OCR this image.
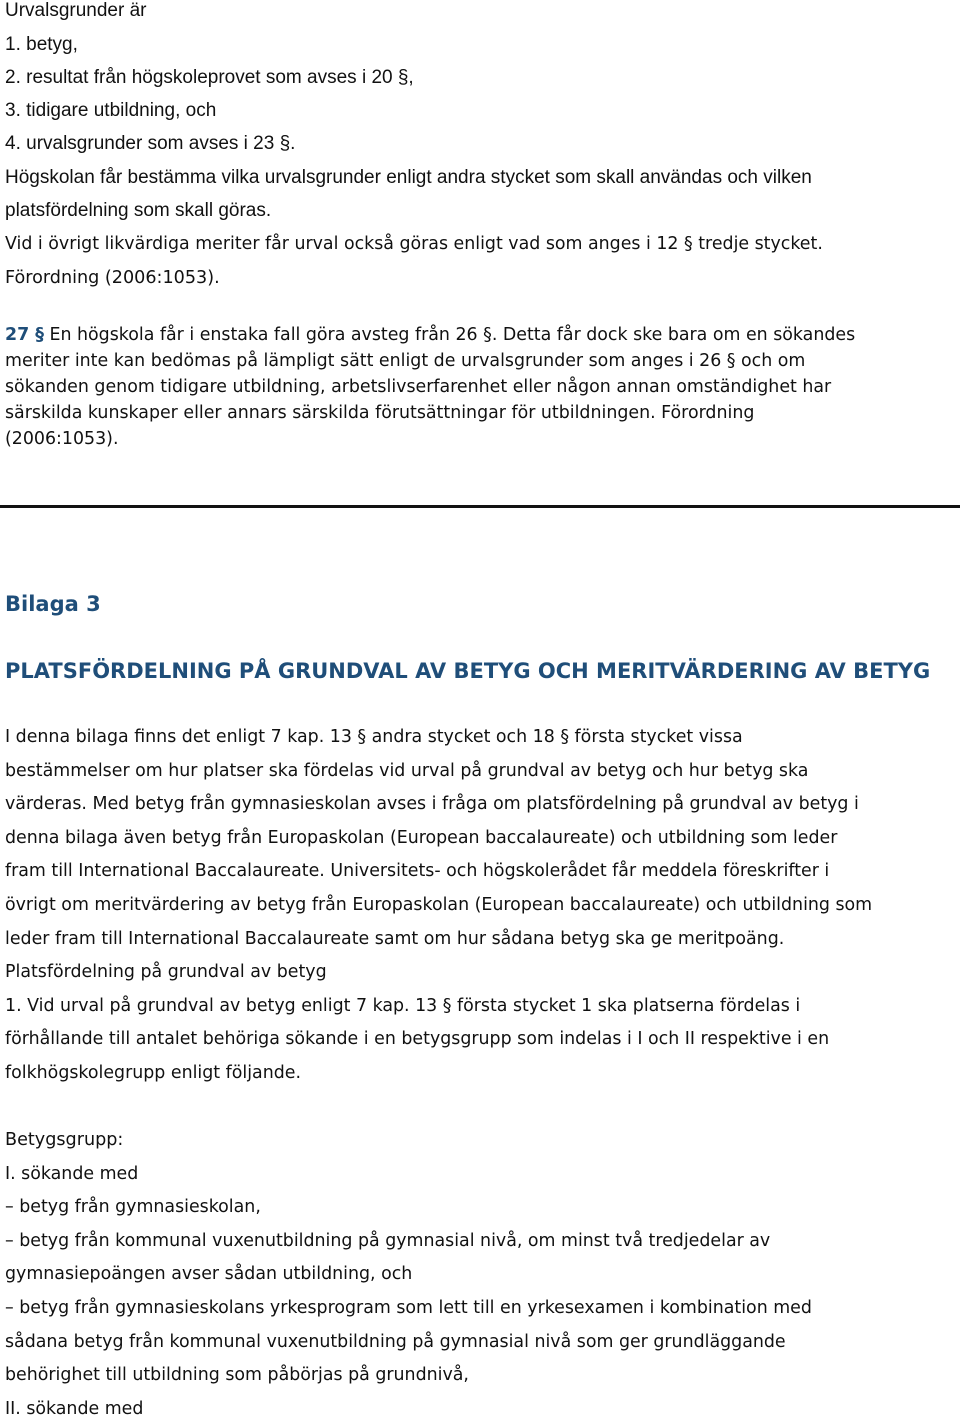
Urvalsgrunder är

1. betyg,

2. resultat från högskoleprovet som avses i 20 §,

3. tidigare utbildning, och

4. urvalsgrunder som avses i 23 §.

Högskolan får bestämma vilka urvalsgrunder enligt andra stycket som skall användas och vilken

platsfördelning som skall göras.

Vid i övrigt likvärdiga meriter får urval också göras enligt vad som anges i 12 § tredje stycket.

Förordning (2006:1053).

27 § En högskola får i enstaka fall göra avsteg från 26 §. Detta får dock ske bara om en sökandes

meriter inte kan bedömas på lämpligt sätt enligt de urvalsgrunder som anges i 26 § och om

sökanden genom tidigare utbildning, arbetslivserfarenhet eller någon annan omständighet har

särskilda kunskaper eller annars särskilda förutsättningar för utbildningen. Förordning

(2006:1053).

Bilaga 3
PLATSFÖRDELNING PÅ GRUNDVAL AV BETYG OCH MERITVÄRDERING AV BETYG

I denna bilaga finns det enligt 7 kap. 13 § andra stycket och 18 § första stycket vissa

bestämmelser om hur platser ska fördelas vid urval på grundval av betyg och hur betyg ska

värderas. Med betyg från gymnasieskolan avses i fråga om platsfördelning på grundval av betyg i

denna bilaga även betyg från Europaskolan (European baccalaureate) och utbildning som leder

fram till International Baccalaureate. Universitets- och högskolerådet får meddela föreskrifter i

övrigt om meritvärdering av betyg från Europaskolan (European baccalaureate) och utbildning som

leder fram till International Baccalaureate samt om hur sådana betyg ska ge meritpoäng.

Platsfördelning på grundval av betyg

1. Vid urval på grundval av betyg enligt 7 kap. 13 § första stycket 1 ska platserna fördelas i

förhållande till antalet behöriga sökande i en betygsgrupp som indelas i I och II respektive i en

folkhögskolegrupp enligt följande.

Betygsgrupp:

I. sökande med

– betyg från gymnasieskolan,

– betyg från kommunal vuxenutbildning på gymnasial nivå, om minst två tredjedelar av

gymnasiepoängen avser sådan utbildning, och

– betyg från gymnasieskolans yrkesprogram som lett till en yrkesexamen i kombination med

sådana betyg från kommunal vuxenutbildning på gymnasial nivå som ger grundläggande

behörighet till utbildning som påbörjas på grundnivå,

II. sökande med
